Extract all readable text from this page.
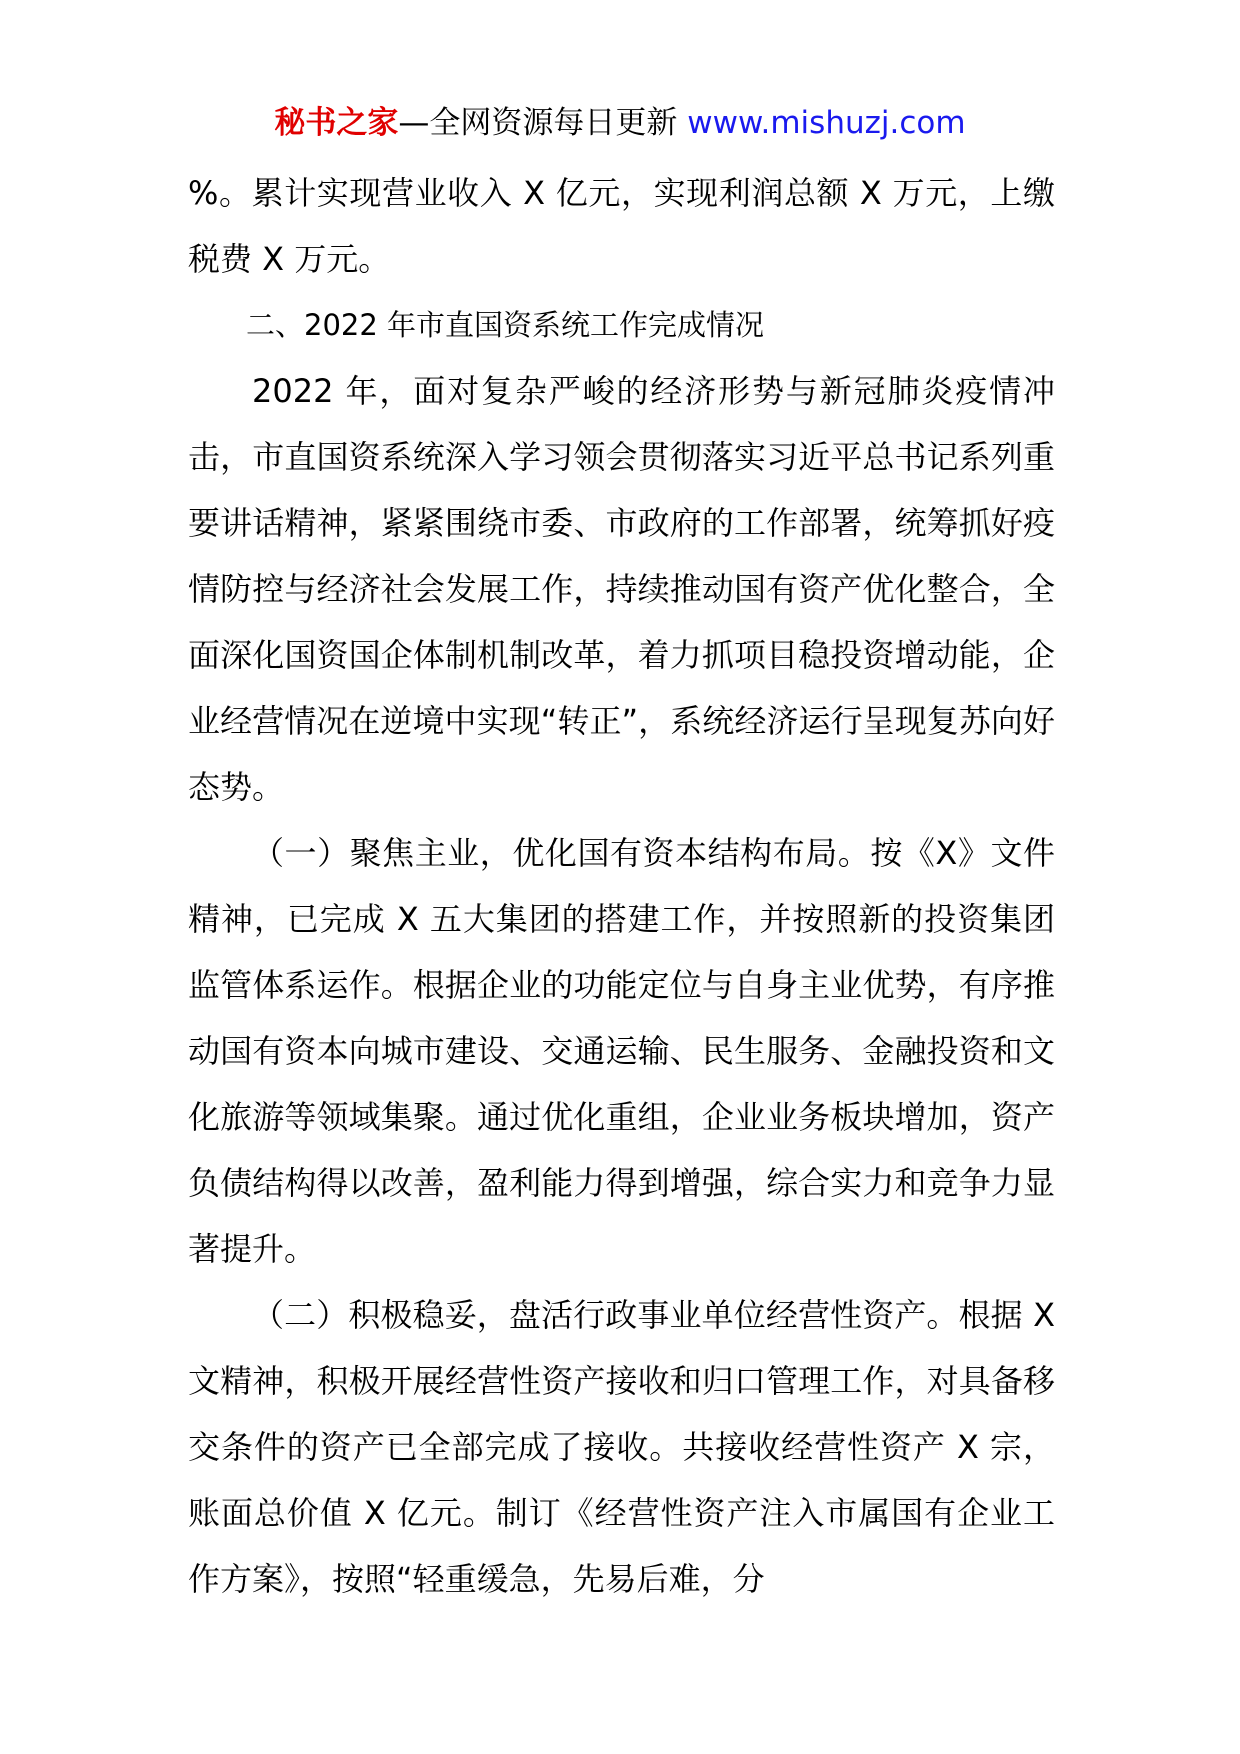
秘书之家—全网资源每日更新 www.mishuzj.com

%。累计实现营业收入 X 亿元，实现利润总额 X 万元，上缴税费 X 万元。

二、2022 年市直国资系统工作完成情况

2022 年，面对复杂严峻的经济形势与新冠肺炎疫情冲击，市直国资系统深入学习领会贯彻落实习近平总书记系列重要讲话精神，紧紧围绕市委、市政府的工作部署，统筹抓好疫情防控与经济社会发展工作，持续推动国有资产优化整合，全面深化国资国企体制机制改革，着力抓项目稳投资增动能，企业经营情况在逆境中实现“转正”，系统经济运行呈现复苏向好态势。

（一）聚焦主业，优化国有资本结构布局。按《X》文件精神，已完成 X 五大集团的搭建工作，并按照新的投资集团监管体系运作。根据企业的功能定位与自身主业优势，有序推动国有资本向城市建设、交通运输、民生服务、金融投资和文化旅游等领域集聚。通过优化重组，企业业务板块增加，资产负债结构得以改善，盈利能力得到增强，综合实力和竞争力显著提升。

（二）积极稳妥，盘活行政事业单位经营性资产。根据 X 文精神，积极开展经营性资产接收和归口管理工作，对具备移交条件的资产已全部完成了接收。共接收经营性资产 X 宗，账面总价值 X 亿元。制订《经营性资产注入市属国有企业工作方案》，按照“轻重缓急，先易后难，分
